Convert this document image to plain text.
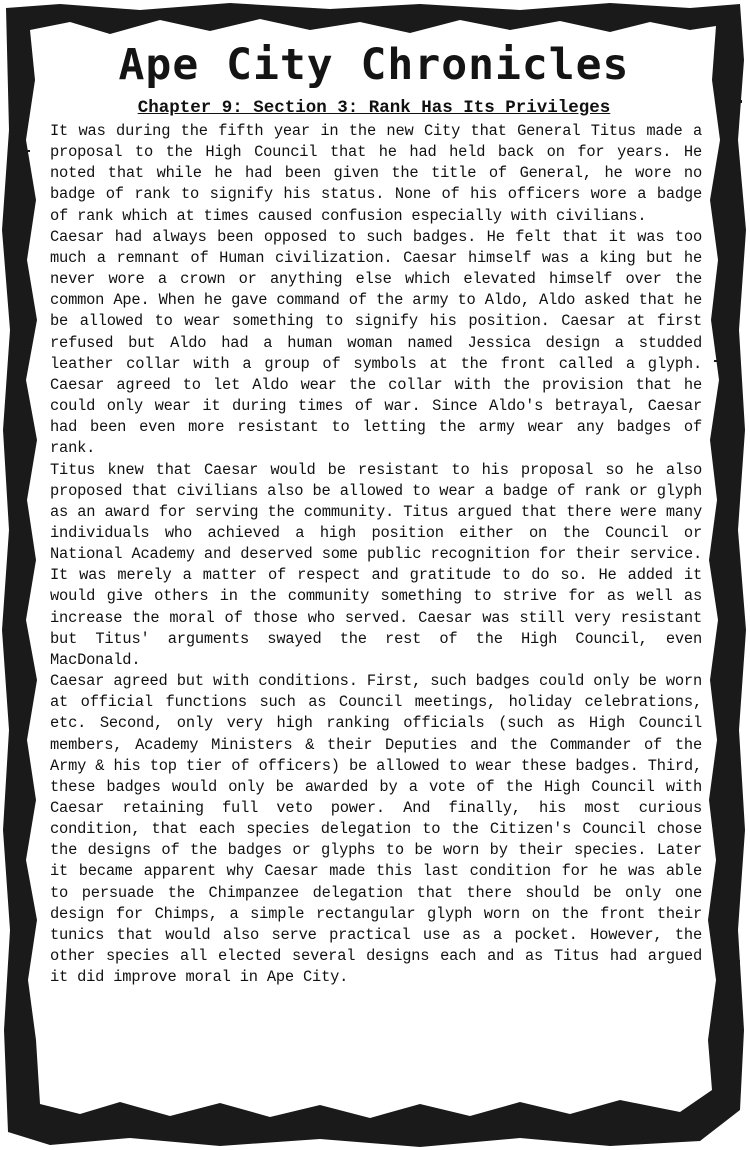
Ape City Chronicles
Chapter 9: Section 3: Rank Has Its Privileges

It was during the fifth year in the new City that General Titus made a proposal to the High Council that he had held back on for years. He noted that while he had been given the title of General, he wore no badge of rank to signify his status. None of his officers wore a badge of rank which at times caused confusion especially with civilians.

Caesar had always been opposed to such badges. He felt that it was too much a remnant of Human civilization. Caesar himself was a king but he never wore a crown or anything else which elevated himself over the common Ape. When he gave command of the army to Aldo, Aldo asked that he be allowed to wear something to signify his position. Caesar at first refused but Aldo had a human woman named Jessica design a studded leather collar with a group of symbols at the front called a glyph. Caesar agreed to let Aldo wear the collar with the provision that he could only wear it during times of war. Since Aldo's betrayal, Caesar had been even more resistant to letting the army wear any badges of rank.

Titus knew that Caesar would be resistant to his proposal so he also proposed that civilians also be allowed to wear a badge of rank or glyph as an award for serving the community. Titus argued that there were many individuals who achieved a high position either on the Council or National Academy and deserved some public recognition for their service. It was merely a matter of respect and gratitude to do so. He added it would give others in the community something to strive for as well as increase the moral of those who served. Caesar was still very resistant but Titus' arguments swayed the rest of the High Council, even MacDonald.

Caesar agreed but with conditions. First, such badges could only be worn at official functions such as Council meetings, holiday celebrations, etc. Second, only very high ranking officials (such as High Council members, Academy Ministers & their Deputies and the Commander of the Army & his top tier of officers) be allowed to wear these badges. Third, these badges would only be awarded by a vote of the High Council with Caesar retaining full veto power. And finally, his most curious condition, that each species delegation to the Citizen's Council chose the designs of the badges or glyphs to be worn by their species. Later it became apparent why Caesar made this last condition for he was able to persuade the Chimpanzee delegation that there should be only one design for Chimps, a simple rectangular glyph worn on the front their tunics that would also serve practical use as a pocket. However, the other species all elected several designs each and as Titus had argued it did improve moral in Ape City.
